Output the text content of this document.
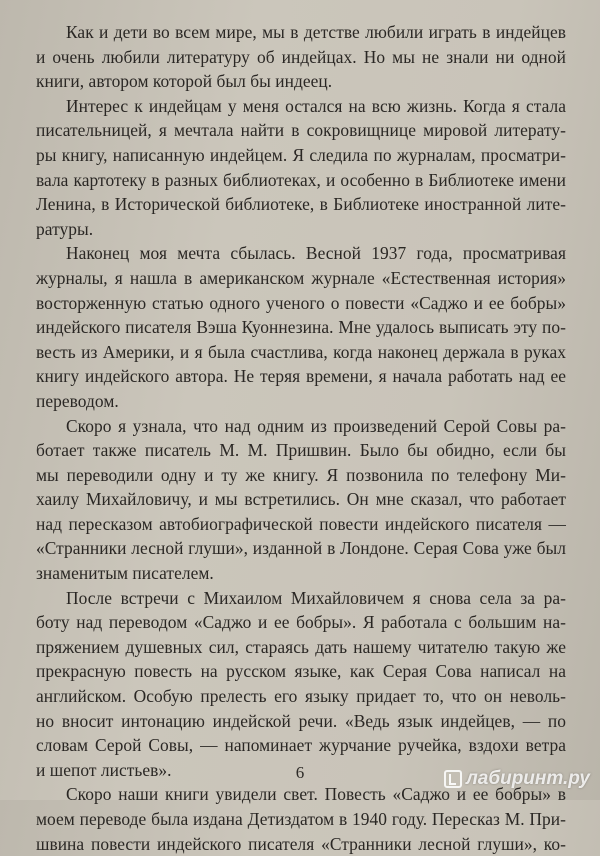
Как и дети во всем мире, мы в детстве любили играть в индейцев
и очень любили литературу об индейцах. Но мы не знали ни одной
книги, автором которой был бы индеец.
Интерес к индейцам у меня остался на всю жизнь. Когда я стала
писательницей, я мечтала найти в сокровищнице мировой литерату-
ры книгу, написанную индейцем. Я следила по журналам, просматри-
вала картотеку в разных библиотеках, и особенно в Библиотеке имени
Ленина, в Исторической библиотеке, в Библиотеке иностранной лите-
ратуры.
Наконец моя мечта сбылась. Весной 1937 года, просматривая
журналы, я нашла в американском журнале «Естественная история»
восторженную статью одного ученого о повести «Саджо и ее бобры»
индейского писателя Вэша Куоннезина. Мне удалось выписать эту по-
весть из Америки, и я была счастлива, когда наконец держала в руках
книгу индейского автора. Не теряя времени, я начала работать над ее
переводом.
Скоро я узнала, что над одним из произведений Серой Совы ра-
ботает также писатель М. М. Пришвин. Было бы обидно, если бы
мы переводили одну и ту же книгу. Я позвонила по телефону Ми-
хаилу Михайловичу, и мы встретились. Он мне сказал, что работает
над пересказом автобиографической повести индейского писателя —
«Странники лесной глуши», изданной в Лондоне. Серая Сова уже был
знаменитым писателем.
После встречи с Михаилом Михайловичем я снова села за ра-
боту над переводом «Саджо и ее бобры». Я работала с большим на-
пряжением душевных сил, стараясь дать нашему читателю такую же
прекрасную повесть на русском языке, как Серая Сова написал на
английском. Особую прелесть его языку придает то, что он неволь-
но вносит интонацию индейской речи. «Ведь язык индейцев, — по
словам Серой Совы, — напоминает журчание ручейка, вздохи ветра
и шепот листьев».
Скоро наши книги увидели свет. Повесть «Саджо и ее бобры» в
моем переводе была издана Детиздатом в 1940 году. Пересказ М. При-
швина повести индейского писателя «Странники лесной глуши», ко-
6	лабиринт.ру
